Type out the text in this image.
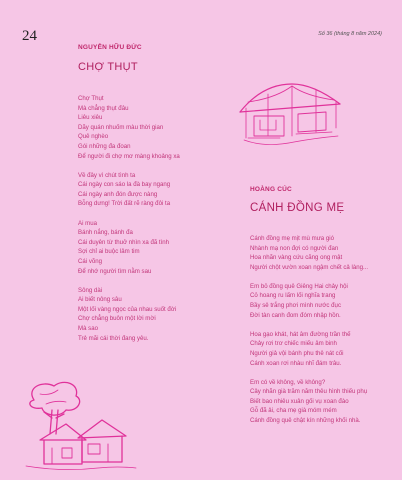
24	Số 36 (tháng 8 năm 2024)
NGUYỄN HỮU ĐỨC
CHỢ THỤT
Chợ Thụt
Mà chẳng thụt đâu
Liêu xiêu
Dãy quán nhuốm màu thời gian
Quê nghèo
Gói những đa đoan
Để người đi chợ mơ màng khoảng xa
Về đây vì chút tình ta
Cái ngày con sáo la đà bay ngang
Cái ngày anh đón được nàng
Bỗng dưng! Trời đất rẽ ràng đôi ta
Ai mua
Bánh nắng, bánh đa
Cái duyên từ thuở nhìn xa đã tình
Sợi chỉ ai buộc lâm tim
Cái võng
Để nhớ người tìm nằm sau
Sông dài
Ai biết nông sâu
Một lối vàng ngọc của nhau suốt đời
Chợ chẳng buôn một lời mời
Mà sao
Trẻ mãi cái thời đang yêu.
HOÀNG CÚC
CÁNH ĐỒNG MẸ
Cánh đồng mẹ mịt mù mưa gió
Nhành mạ non đợi có người đan
Hoa nhãn vàng cứu căng ong mật
Người chột vườn xoan ngậm chết cả làng...
Em bỏ đồng quê Giêng Hai chảy hội
Cỏ hoang ru lấm lối nghĩa trang
Bầy sẻ trắng phơi mình nước đục
Đời tàn canh đom đóm nhập hồn.
Hoa gạo khát, hát âm đường trần thế
Chảy rơi trơ chiếc miếu âm binh
Người giả vội bánh phu thê nát cối
Cánh xoan rơi nhàu nhĩ đám trâu.
Em có về không, về không?
Cây nhãn già trăm năm thêu hình thiếu phụ
Biết bao nhiêu xuân gối vụ xoan đào
Gỗ đã ải, cha mẹ già móm mém
Cánh đồng quê chật kín những khối nhà.
